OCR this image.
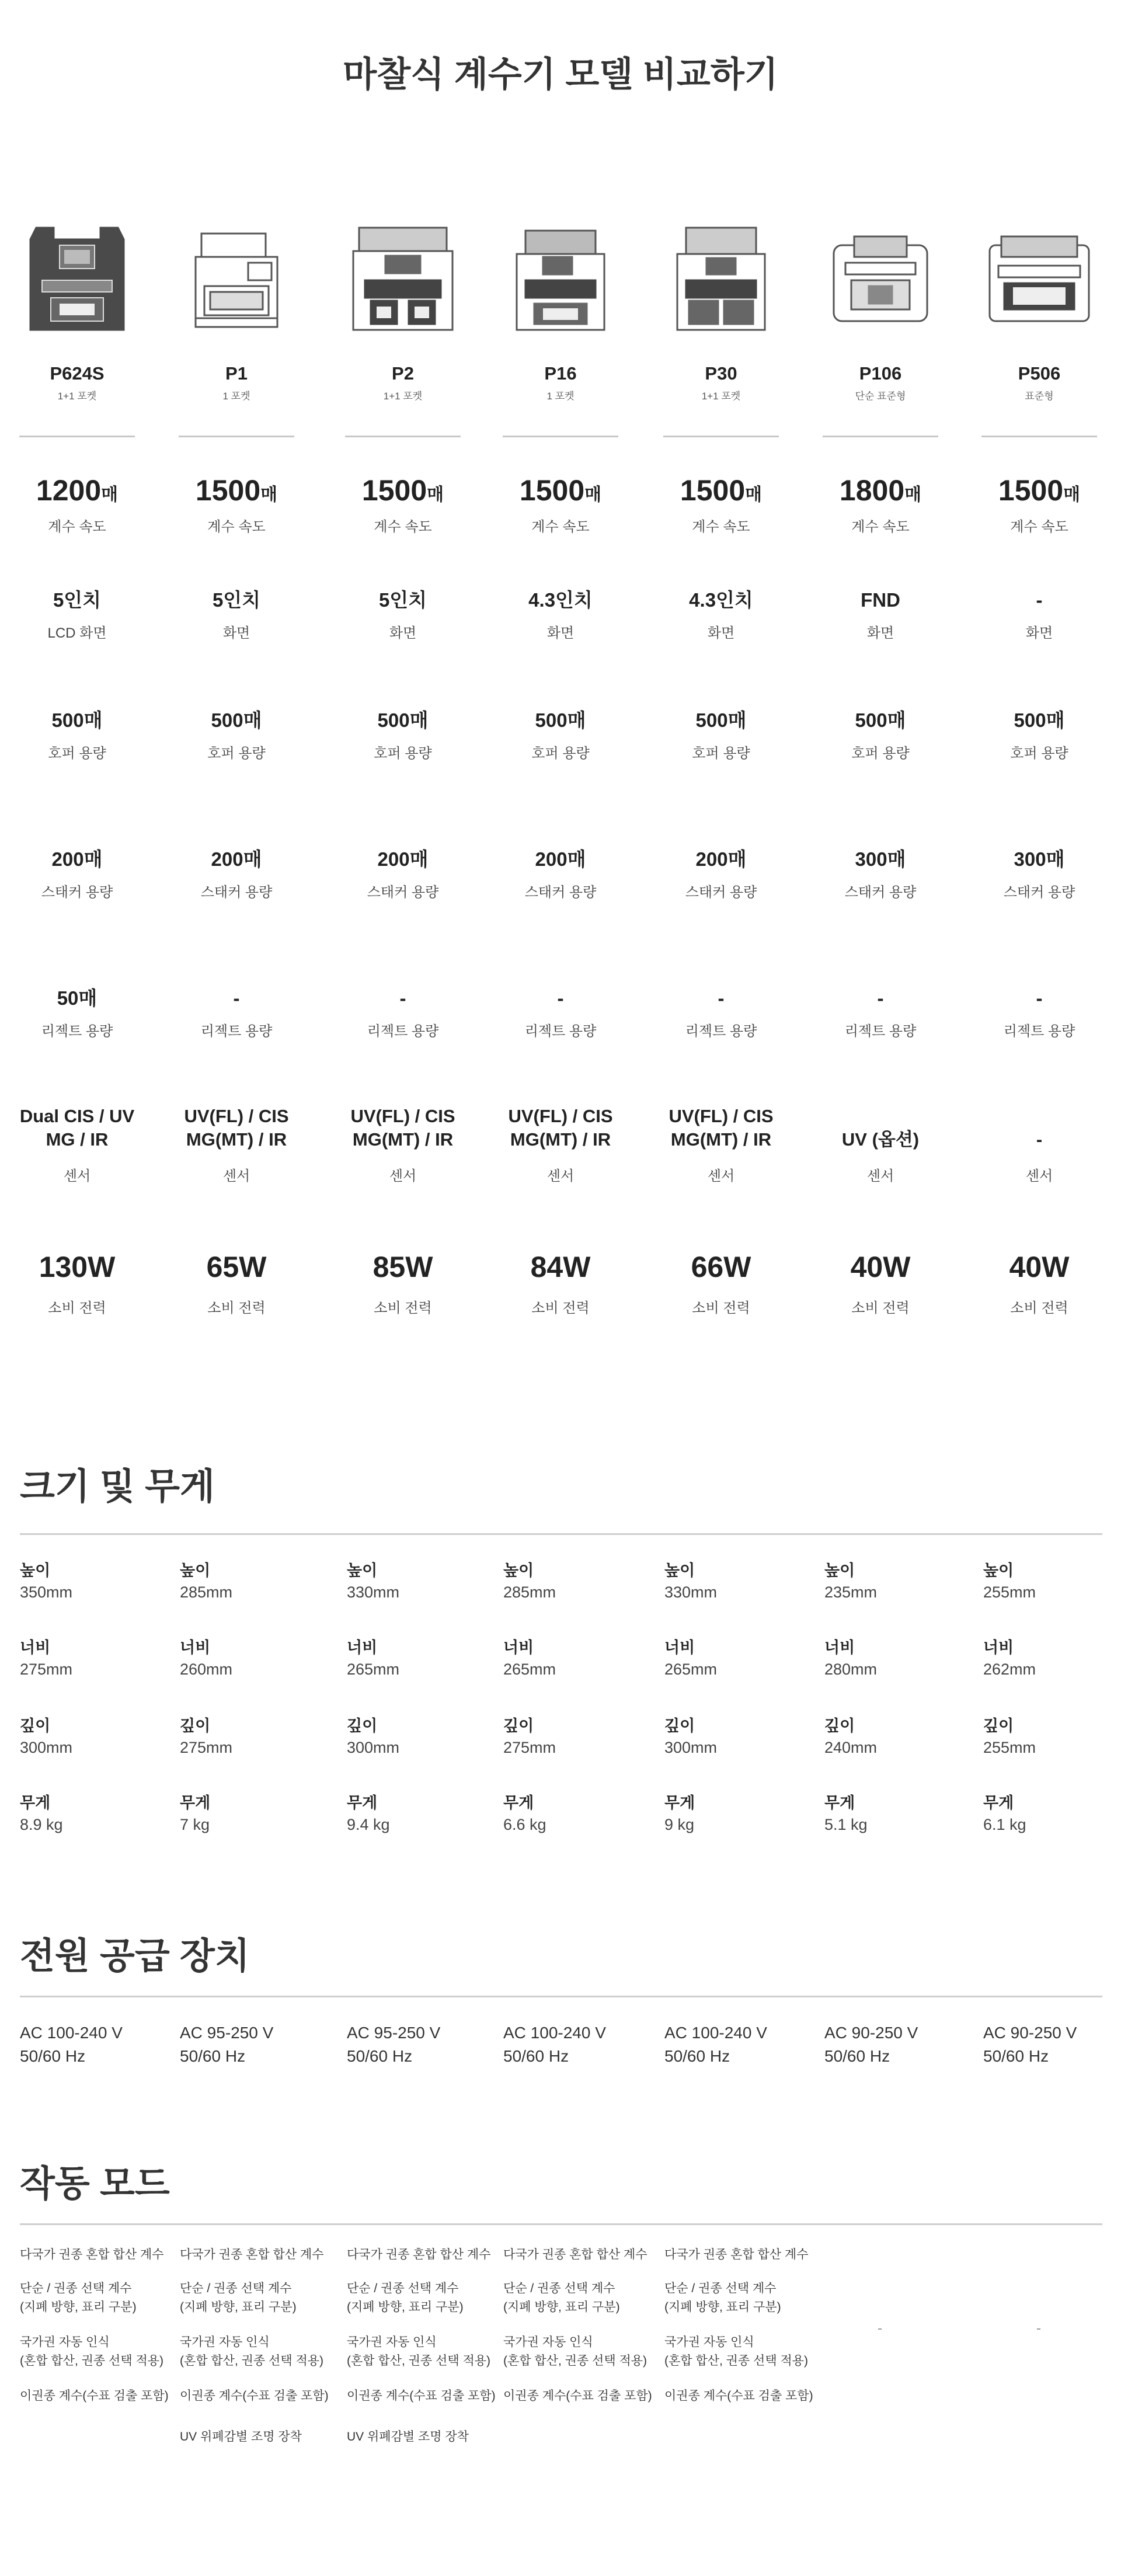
마찰식 계수기 모델 비교하기
P624S
1+1 포켓
1200매
계수 속도
5인치
LCD 화면
500매
호퍼 용량
200매
스태커 용량
50매
리젝트 용량
Dual CIS / UV
MG / IR
센서
130W
소비 전력
P1
1 포켓
1500매
계수 속도
5인치
화면
500매
호퍼 용량
200매
스태커 용량
-
리젝트 용량
UV(FL) / CIS
MG(MT) / IR
센서
65W
소비 전력
P2
1+1 포켓
1500매
계수 속도
5인치
화면
500매
호퍼 용량
200매
스태커 용량
-
리젝트 용량
UV(FL) / CIS
MG(MT) / IR
센서
85W
소비 전력
P16
1 포켓
1500매
계수 속도
4.3인치
화면
500매
호퍼 용량
200매
스태커 용량
-
리젝트 용량
UV(FL) / CIS
MG(MT) / IR
센서
84W
소비 전력
P30
1+1 포켓
1500매
계수 속도
4.3인치
화면
500매
호퍼 용량
200매
스태커 용량
-
리젝트 용량
UV(FL) / CIS
MG(MT) / IR
센서
66W
소비 전력
P106
단순 표준형
1800매
계수 속도
FND
화면
500매
호퍼 용량
300매
스태커 용량
-
리젝트 용량
UV (옵션)
센서
40W
소비 전력
P506
표준형
1500매
계수 속도
-
화면
500매
호퍼 용량
300매
스태커 용량
-
리젝트 용량
-
센서
40W
소비 전력
크기 및 무게
높이
350mm
너비
275mm
깊이
300mm
무게
8.9 kg
높이
285mm
너비
260mm
깊이
275mm
무게
7 kg
높이
330mm
너비
265mm
깊이
300mm
무게
9.4 kg
높이
285mm
너비
265mm
깊이
275mm
무게
6.6 kg
높이
330mm
너비
265mm
깊이
300mm
무게
9 kg
높이
235mm
너비
280mm
깊이
240mm
무게
5.1 kg
높이
255mm
너비
262mm
깊이
255mm
무게
6.1 kg
전원 공급 장치
AC 100-240 V
50/60 Hz
AC 95-250 V
50/60 Hz
AC 95-250 V
50/60 Hz
AC 100-240 V
50/60 Hz
AC 100-240 V
50/60 Hz
AC 90-250 V
50/60 Hz
AC 90-250 V
50/60 Hz
작동 모드
다국가 권종 혼합 합산 계수
단순 / 권종 선택 계수
(지폐 방향, 표리 구분)
국가권 자동 인식
(혼합 합산, 권종 선택 적용)
이권종 계수(수표 검출 포함)
다국가 권종 혼합 합산 계수
단순 / 권종 선택 계수
(지폐 방향, 표리 구분)
국가권 자동 인식
(혼합 합산, 권종 선택 적용)
이권종 계수(수표 검출 포함)
UV 위폐감별 조명 장착
다국가 권종 혼합 합산 계수
단순 / 권종 선택 계수
(지폐 방향, 표리 구분)
국가권 자동 인식
(혼합 합산, 권종 선택 적용)
이권종 계수(수표 검출 포함)
UV 위폐감별 조명 장착
다국가 권종 혼합 합산 계수
단순 / 권종 선택 계수
(지폐 방향, 표리 구분)
국가권 자동 인식
(혼합 합산, 권종 선택 적용)
이권종 계수(수표 검출 포함)
다국가 권종 혼합 합산 계수
단순 / 권종 선택 계수
(지폐 방향, 표리 구분)
국가권 자동 인식
(혼합 합산, 권종 선택 적용)
이권종 계수(수표 검출 포함)
